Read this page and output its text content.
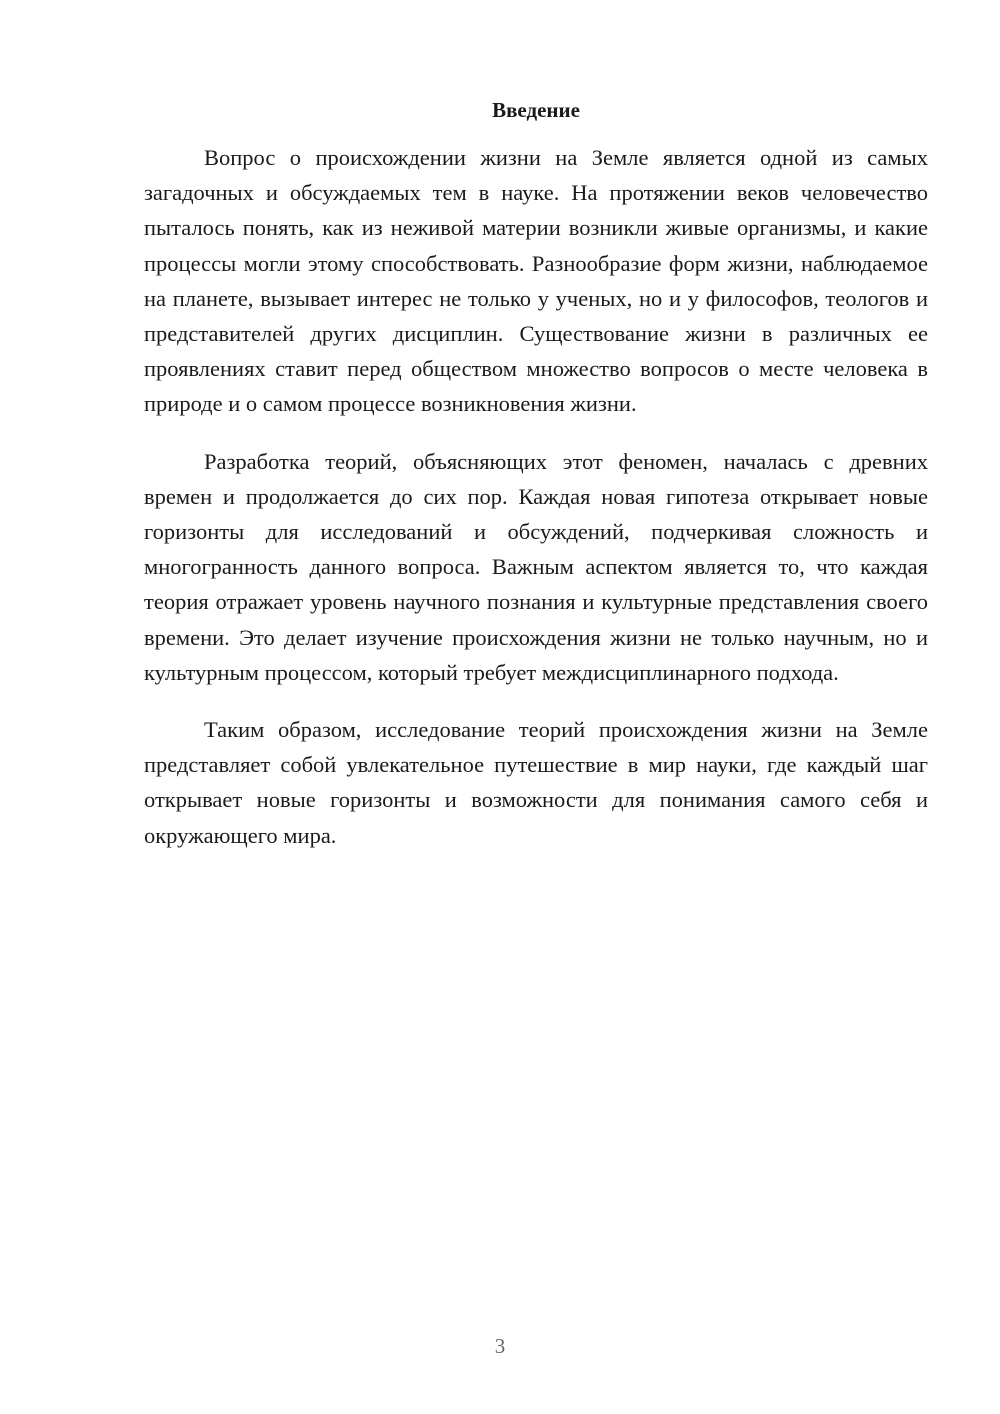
Введение

Вопрос о происхождении жизни на Земле является одной из самых загадочных и обсуждаемых тем в науке. На протяжении веков человечество пыталось понять, как из неживой материи возникли живые организмы, и какие процессы могли этому способствовать. Разнообразие форм жизни, наблюдаемое на планете, вызывает интерес не только у ученых, но и у философов, теологов и представителей других дисциплин. Существование жизни в различных ее проявлениях ставит перед обществом множество вопросов о месте человека в природе и о самом процессе возникновения жизни.

Разработка теорий, объясняющих этот феномен, началась с древних времен и продолжается до сих пор. Каждая новая гипотеза открывает новые горизонты для исследований и обсуждений, подчеркивая сложность и многогранность данного вопроса. Важным аспектом является то, что каждая теория отражает уровень научного познания и культурные представления своего времени. Это делает изучение происхождения жизни не только научным, но и культурным процессом, который требует междисциплинарного подхода.

Таким образом, исследование теорий происхождения жизни на Земле представляет собой увлекательное путешествие в мир науки, где каждый шаг открывает новые горизонты и возможности для понимания самого себя и окружающего мира.

3
